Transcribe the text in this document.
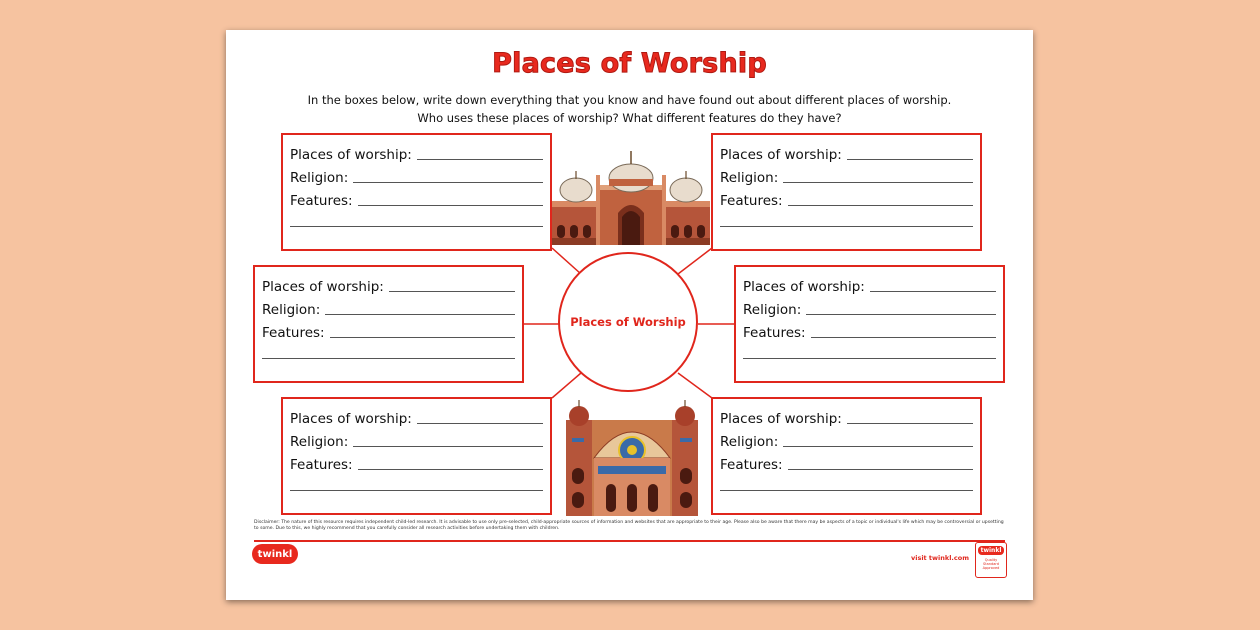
Places of Worship
In the boxes below, write down everything that you know and have found out about different places of worship.
Who uses these places of worship? What different features do they have?
Places of worship:
Religion:
Features:
Places of worship:
Religion:
Features:
Places of worship:
Religion:
Features:
Places of worship:
Religion:
Features:
Places of worship:
Religion:
Features:
Places of worship:
Religion:
Features:
Places of Worship
Disclaimer: The nature of this resource requires independent child-led research. It is advisable to use only pre-selected, child-appropriate sources of information and websites that are appropriate to their age. Please also be aware that there may be aspects of a topic or individual's life which may be controversial or upsetting to some. Due to this, we highly recommend that you carefully consider all research activities before undertaking them with children.
twinkl	visit twinkl.com
twinkl
Quality Standard Approved
